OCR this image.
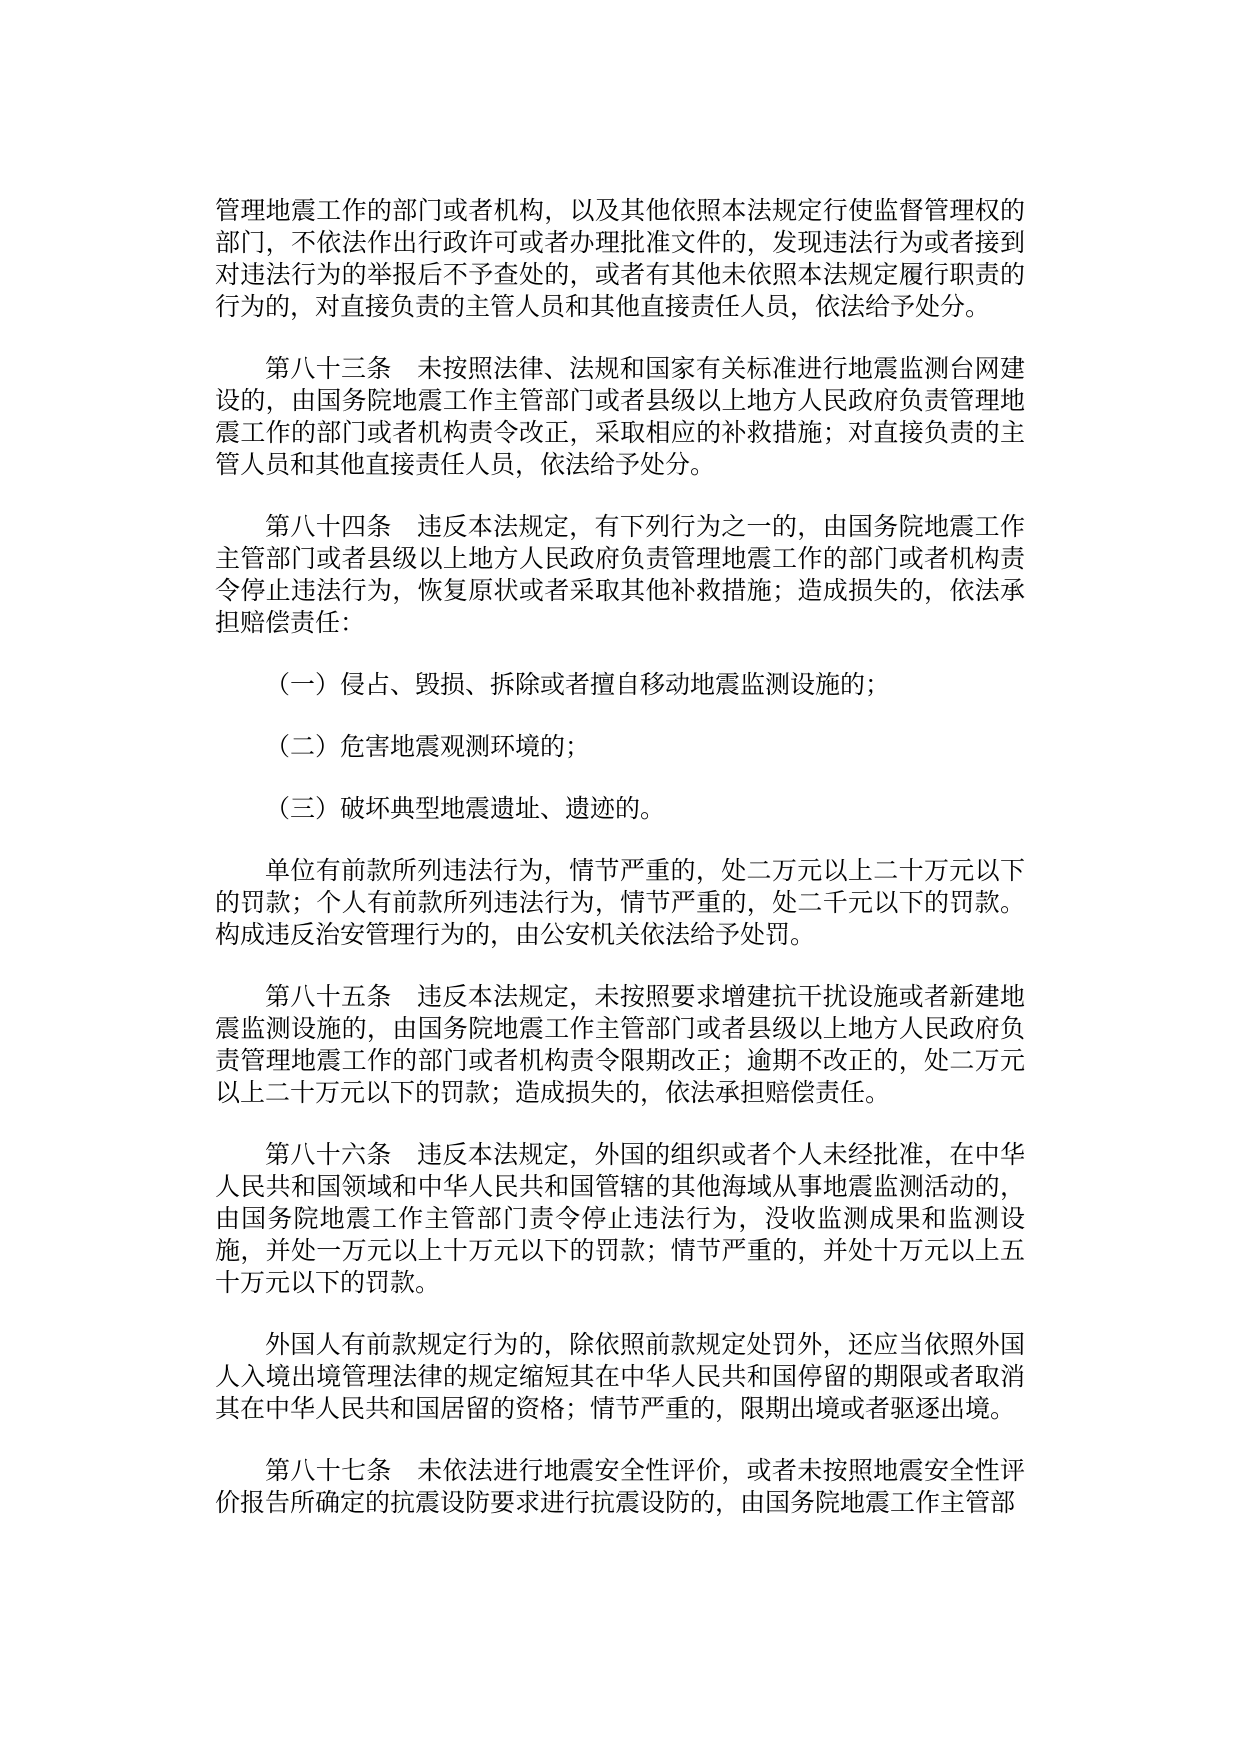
管理地震工作的部门或者机构，以及其他依照本法规定行使监督管理权的部门，不依法作出行政许可或者办理批准文件的，发现违法行为或者接到对违法行为的举报后不予查处的，或者有其他未依照本法规定履行职责的行为的，对直接负责的主管人员和其他直接责任人员，依法给予处分。

第八十三条　未按照法律、法规和国家有关标准进行地震监测台网建设的，由国务院地震工作主管部门或者县级以上地方人民政府负责管理地震工作的部门或者机构责令改正，采取相应的补救措施；对直接负责的主管人员和其他直接责任人员，依法给予处分。

第八十四条　违反本法规定，有下列行为之一的，由国务院地震工作主管部门或者县级以上地方人民政府负责管理地震工作的部门或者机构责令停止违法行为，恢复原状或者采取其他补救措施；造成损失的，依法承担赔偿责任：

（一）侵占、毁损、拆除或者擅自移动地震监测设施的；

（二）危害地震观测环境的；

（三）破坏典型地震遗址、遗迹的。

单位有前款所列违法行为，情节严重的，处二万元以上二十万元以下的罚款；个人有前款所列违法行为，情节严重的，处二千元以下的罚款。构成违反治安管理行为的，由公安机关依法给予处罚。

第八十五条　违反本法规定，未按照要求增建抗干扰设施或者新建地震监测设施的，由国务院地震工作主管部门或者县级以上地方人民政府负责管理地震工作的部门或者机构责令限期改正；逾期不改正的，处二万元以上二十万元以下的罚款；造成损失的，依法承担赔偿责任。

第八十六条　违反本法规定，外国的组织或者个人未经批准，在中华人民共和国领域和中华人民共和国管辖的其他海域从事地震监测活动的，由国务院地震工作主管部门责令停止违法行为，没收监测成果和监测设施，并处一万元以上十万元以下的罚款；情节严重的，并处十万元以上五十万元以下的罚款。

外国人有前款规定行为的，除依照前款规定处罚外，还应当依照外国人入境出境管理法律的规定缩短其在中华人民共和国停留的期限或者取消其在中华人民共和国居留的资格；情节严重的，限期出境或者驱逐出境。

第八十七条　未依法进行地震安全性评价，或者未按照地震安全性评价报告所确定的抗震设防要求进行抗震设防的，由国务院地震工作主管部
